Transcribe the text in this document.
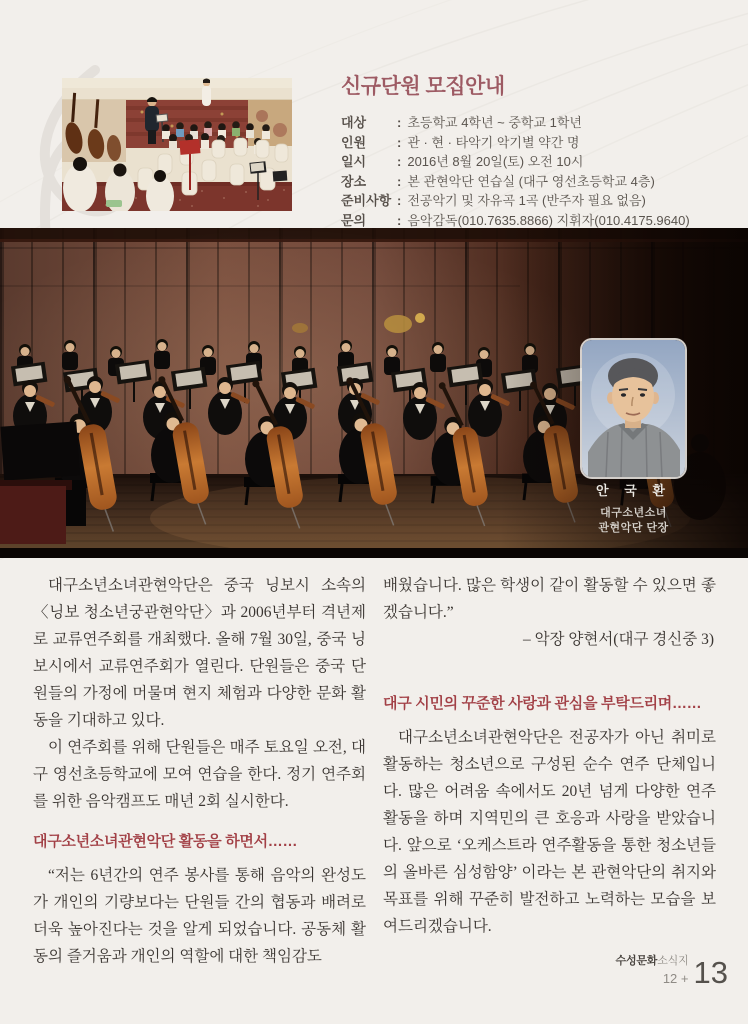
신규단원 모집안내
대상	: 초등학교 4학년 ~ 중학교 1학년
인원	: 관 · 현 · 타악기 악기별 약간 명
일시	: 2016년 8월 20일(토) 오전 10시
장소	: 본 관현악단 연습실 (대구 영선초등학교 4층)
준비사항 : 전공악기 및 자유곡 1곡 (반주자 필요 없음)
문의	: 음악감독(010.7635.8866) 지휘자(010.4175.9640)
안 국 환
대구소년소녀
관현악단 단장

대구소년소녀관현악단은 중국 닝보시 소속의 〈닝보 청소년궁관현악단〉과 2006년부터 격년제로 교류연주회를 개최했다. 올해 7월 30일, 중국 닝보시에서 교류연주회가 열린다. 단원들은 중국 단원들의 가정에 머물며 현지 체험과 다양한 문화 활동을 기대하고 있다.

이 연주회를 위해 단원들은 매주 토요일 오전, 대구 영선초등학교에 모여 연습을 한다. 정기 연주회를 위한 음악캠프도 매년 2회 실시한다.

대구소년소녀관현악단 활동을 하면서……

“저는 6년간의 연주 봉사를 통해 음악의 완성도가 개인의 기량보다는 단원들 간의 협동과 배려로 더욱 높아진다는 것을 알게 되었습니다. 공동체 활동의 즐거움과 개인의 역할에 대한 책임감도

배웠습니다. 많은 학생이 같이 활동할 수 있으면 좋겠습니다.”

– 악장 양현서(대구 경신중 3)

대구 시민의 꾸준한 사랑과 관심을 부탁드리며……

대구소년소녀관현악단은 전공자가 아닌 취미로 활동하는 청소년으로 구성된 순수 연주 단체입니다. 많은 어려움 속에서도 20년 넘게 다양한 연주 활동을 하며 지역민의 큰 호응과 사랑을 받았습니다. 앞으로 ‘오케스트라 연주활동을 통한 청소년들의 올바른 심성함양’ 이라는 본 관현악단의 취지와 목표를 위해 꾸준히 발전하고 노력하는 모습을 보여드리겠습니다.

수성문화소식지
12 + 13
